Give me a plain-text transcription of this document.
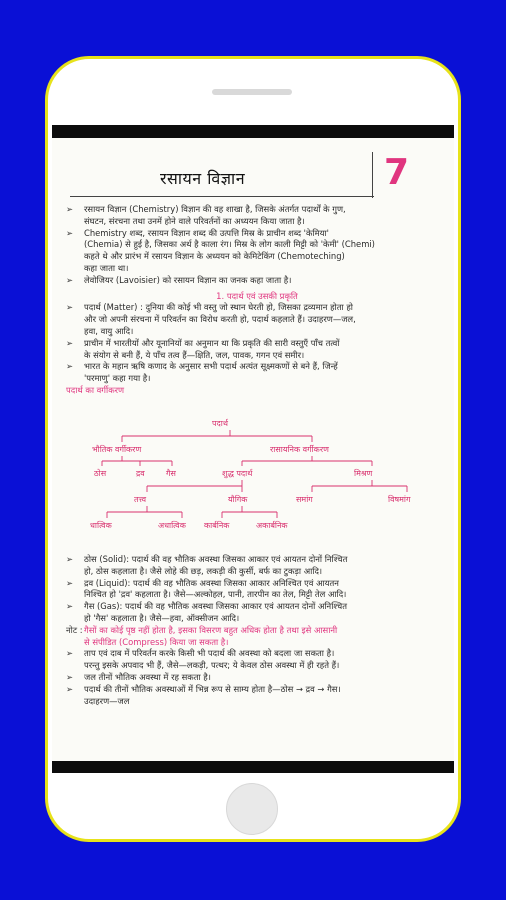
रसायन विज्ञान	7
➢ रसायन विज्ञान (Chemistry) विज्ञान की वह शाखा है, जिसके अंतर्गत पदार्थों के गुण,
संघटन, संरचना तथा उनमें होने वाले परिवर्तनों का अध्ययन किया जाता है।
➢ Chemistry शब्द, रसायन विज्ञान शब्द की उत्पत्ति मिस्र के प्राचीन शब्द 'केमिया'
(Chemia) से हुई है, जिसका अर्थ है काला रंग। मिस्र के लोग काली मिट्टी को 'केमी' (Chemi)
कहते थे और प्रारंभ में रसायन विज्ञान के अध्ययन को केमिटेकिंग (Chemoteching)
कहा जाता था।
➢ लेवोजियर (Lavoisier) को रसायन विज्ञान का जनक कहा जाता है।
1. पदार्थ एवं उसकी प्रकृति
➢ पदार्थ (Matter) : दुनिया की कोई भी वस्तु जो स्थान घेरती हो, जिसका द्रव्यमान होता हो
और जो अपनी संरचना में परिवर्तन का विरोध करती हो, पदार्थ कहलाते हैं। उदाहरण—जल,
हवा, वायु आदि।
➢ प्राचीन में भारतीयों और यूनानियों का अनुमान था कि प्रकृति की सारी वस्तुएँ पाँच तत्वों
के संयोग से बनी हैं, ये पाँच तत्व हैं—क्षिति, जल, पावक, गगन एवं समीर।
➢ भारत के महान ऋषि कणाद के अनुसार सभी पदार्थ अत्यंत सूक्ष्मकणों से बने हैं, जिन्हें
'परमाणु' कहा गया है।
पदार्थ का वर्गीकरण
पदार्थ
भौतिक वर्गीकरण	रासायनिक वर्गीकरण
ठोस	द्रव	गैस	शुद्ध पदार्थ	मिश्रण
तत्त्व	यौगिक	समांग	विषमांग
धात्विक	अधात्विक कार्बनिक	अकार्बनिक
➢ ठोस (Solid): पदार्थ की वह भौतिक अवस्था जिसका आकार एवं आयतन दोनों निश्चित
हो, ठोस कहलाता है। जैसे लोहे की छड़, लकड़ी की कुर्सी, बर्फ का टुकड़ा आदि।
➢ द्रव (Liquid): पदार्थ की वह भौतिक अवस्था जिसका आकार अनिश्चित एवं आयतन
निश्चित हो 'द्रव' कहलाता है। जैसे—अल्कोहल, पानी, तारपीन का तेल, मिट्टी तेल आदि।
➢ गैस (Gas): पदार्थ की वह भौतिक अवस्था जिसका आकार एवं आयतन दोनों अनिश्चित
हो 'गैस' कहलाता है। जैसे—हवा, ऑक्सीजन आदि।
नोट :गैसों का कोई पृष्ठ नहीं होता है, इसका विसरण बहुत अधिक होता है तथा इसे आसानी
से संपीडित (Compress) किया जा सकता है।
➢ ताप एवं दाब में परिवर्तन करके किसी भी पदार्थ की अवस्था को बदला जा सकता है।
परन्तु इसके अपवाद भी हैं, जैसे—लकड़ी, पत्थर; ये केवल ठोस अवस्था में ही रहते हैं।
➢ जल तीनों भौतिक अवस्था में रह सकता है।
➢ पदार्थ की तीनों भौतिक अवस्थाओं में भिन्न रूप से साम्य होता है—ठोस → द्रव → गैस।
उदाहरण—जल
